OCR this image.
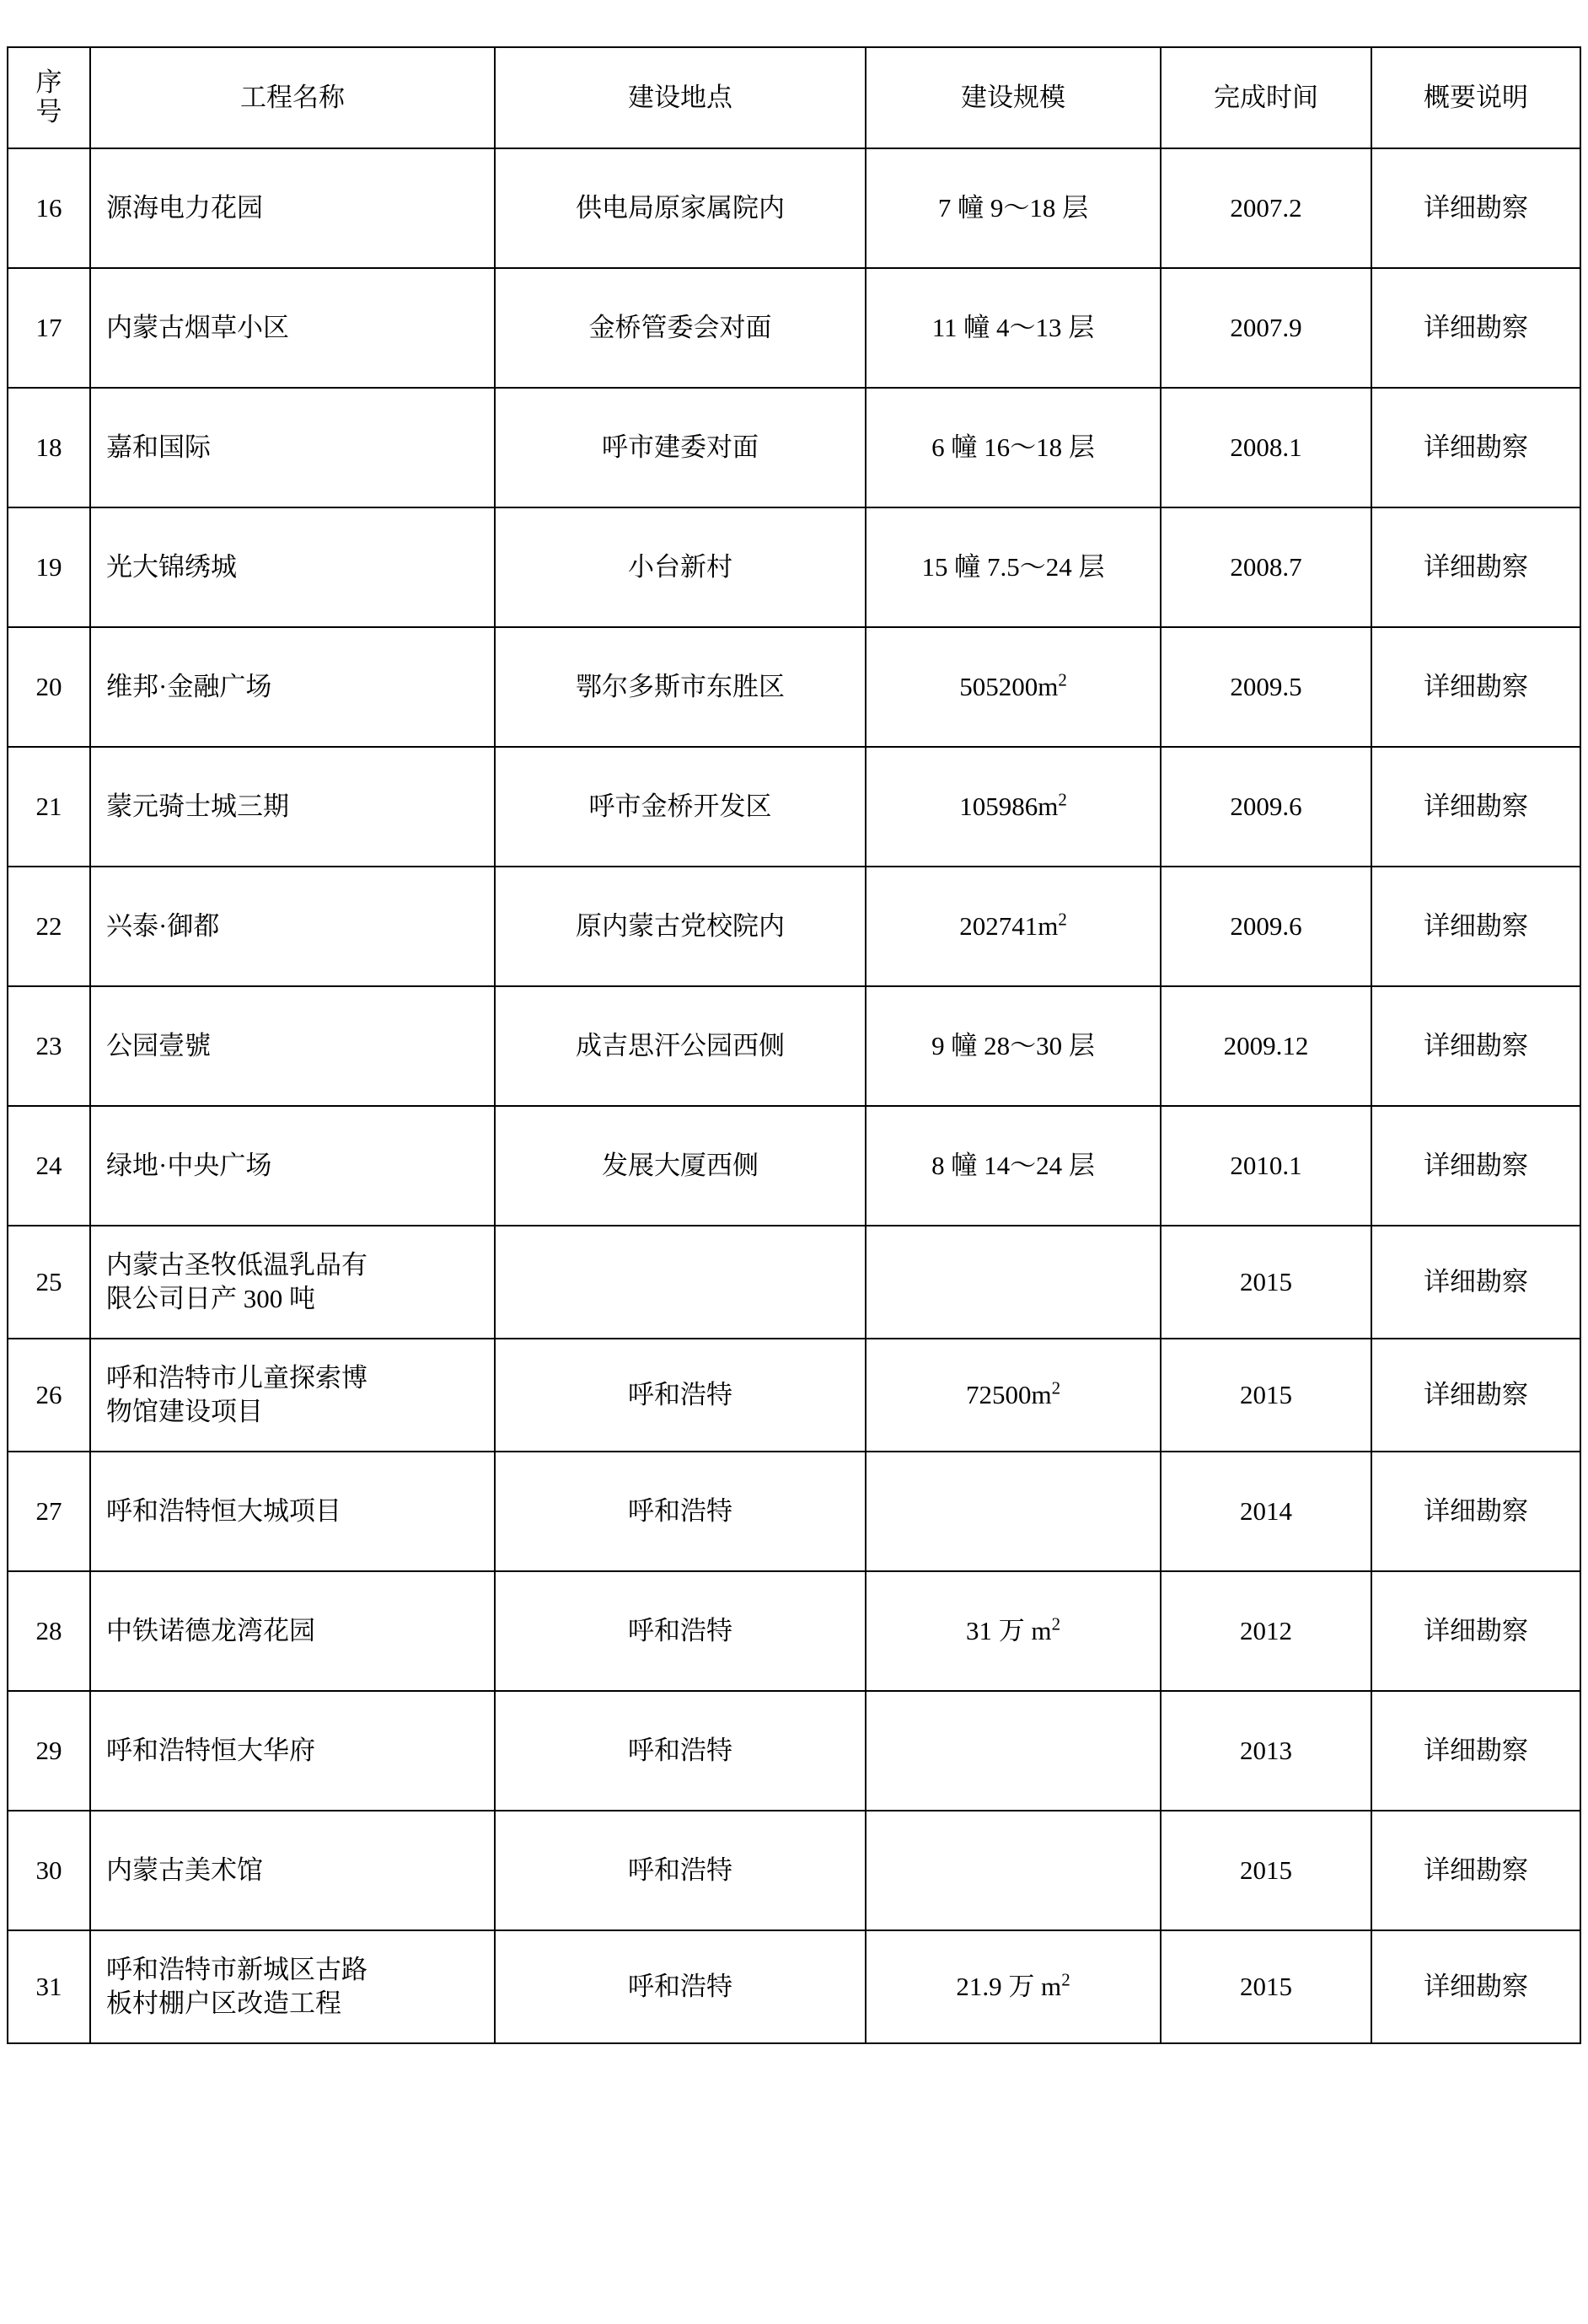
序
号	工程名称	建设地点	建设规模	完成时间	概要说明
16	源海电力花园	供电局原家属院内	7 幢 9～18 层	2007.2	详细勘察
17	内蒙古烟草小区	金桥管委会对面	11 幢 4～13 层	2007.9	详细勘察
18	嘉和国际	呼市建委对面	6 幢 16～18 层	2008.1	详细勘察
19	光大锦绣城	小台新村	15 幢 7.5～24 层	2008.7	详细勘察
20	维邦·金融广场	鄂尔多斯市东胜区	$505200m^2$	2009.5	详细勘察
21	蒙元骑士城三期	呼市金桥开发区	$105986m^2$	2009.6	详细勘察
22	兴泰·御都	原内蒙古党校院内	$202741m^2$	2009.6	详细勘察
23	公园壹號	成吉思汗公园西侧	9 幢 28～30 层	2009.12	详细勘察
24	绿地·中央广场	发展大厦西侧	8 幢 14～24 层	2010.1	详细勘察
25	内蒙古圣牧低温乳品有
限公司日产 300 吨			2015	详细勘察
26	呼和浩特市儿童探索博
物馆建设项目	呼和浩特	$72500m^2$	2015	详细勘察
27	呼和浩特恒大城项目	呼和浩特		2014	详细勘察
28	中铁诺德龙湾花园	呼和浩特	31 万 $m^2$	2012	详细勘察
29	呼和浩特恒大华府	呼和浩特		2013	详细勘察
30	内蒙古美术馆	呼和浩特		2015	详细勘察
31	呼和浩特市新城区古路
板村棚户区改造工程	呼和浩特	21.9 万 $m^2$	2015	详细勘察
